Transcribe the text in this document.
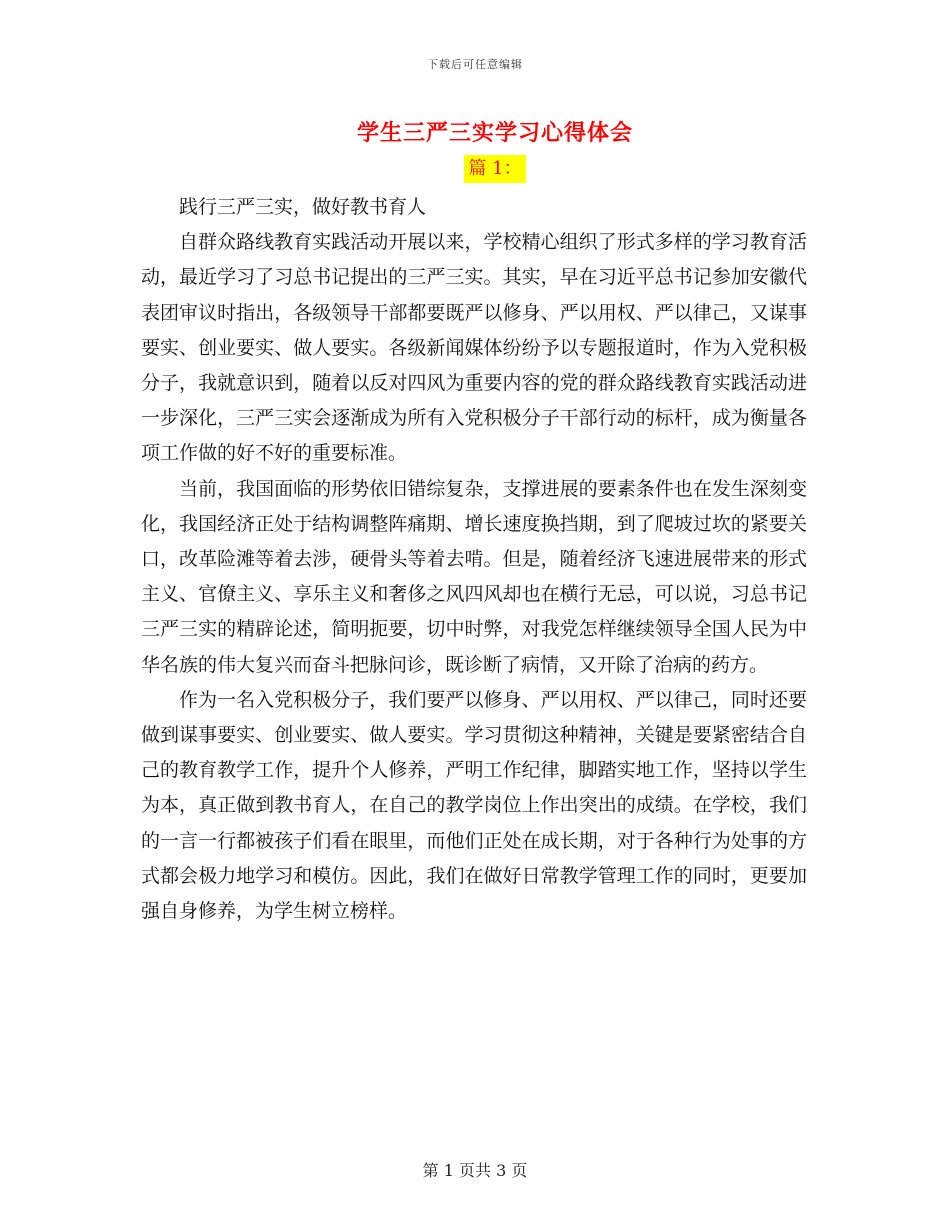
下载后可任意编辑
学生三严三实学习心得体会
篇 1：

践行三严三实，做好教书育人

自群众路线教育实践活动开展以来，学校精心组织了形式多样的学习教育活动，最近学习了习总书记提出的三严三实。其实，早在习近平总书记参加安徽代表团审议时指出，各级领导干部都要既严以修身、严以用权、严以律己，又谋事要实、创业要实、做人要实。各级新闻媒体纷纷予以专题报道时，作为入党积极分子，我就意识到，随着以反对四风为重要内容的党的群众路线教育实践活动进一步深化，三严三实会逐渐成为所有入党积极分子干部行动的标杆，成为衡量各项工作做的好不好的重要标准。

当前，我国面临的形势依旧错综复杂，支撑进展的要素条件也在发生深刻变化，我国经济正处于结构调整阵痛期、增长速度换挡期，到了爬坡过坎的紧要关口，改革险滩等着去涉，硬骨头等着去啃。但是，随着经济飞速进展带来的形式主义、官僚主义、享乐主义和奢侈之风四风却也在横行无忌，可以说，习总书记三严三实的精辟论述，简明扼要，切中时弊，对我党怎样继续领导全国人民为中华名族的伟大复兴而奋斗把脉问诊，既诊断了病情，又开除了治病的药方。

作为一名入党积极分子，我们要严以修身、严以用权、严以律己，同时还要做到谋事要实、创业要实、做人要实。学习贯彻这种精神，关键是要紧密结合自己的教育教学工作，提升个人修养，严明工作纪律，脚踏实地工作，坚持以学生为本，真正做到教书育人，在自己的教学岗位上作出突出的成绩。在学校，我们的一言一行都被孩子们看在眼里，而他们正处在成长期，对于各种行为处事的方式都会极力地学习和模仿。因此，我们在做好日常教学管理工作的同时，更要加强自身修养，为学生树立榜样。

第 1 页共 3 页
